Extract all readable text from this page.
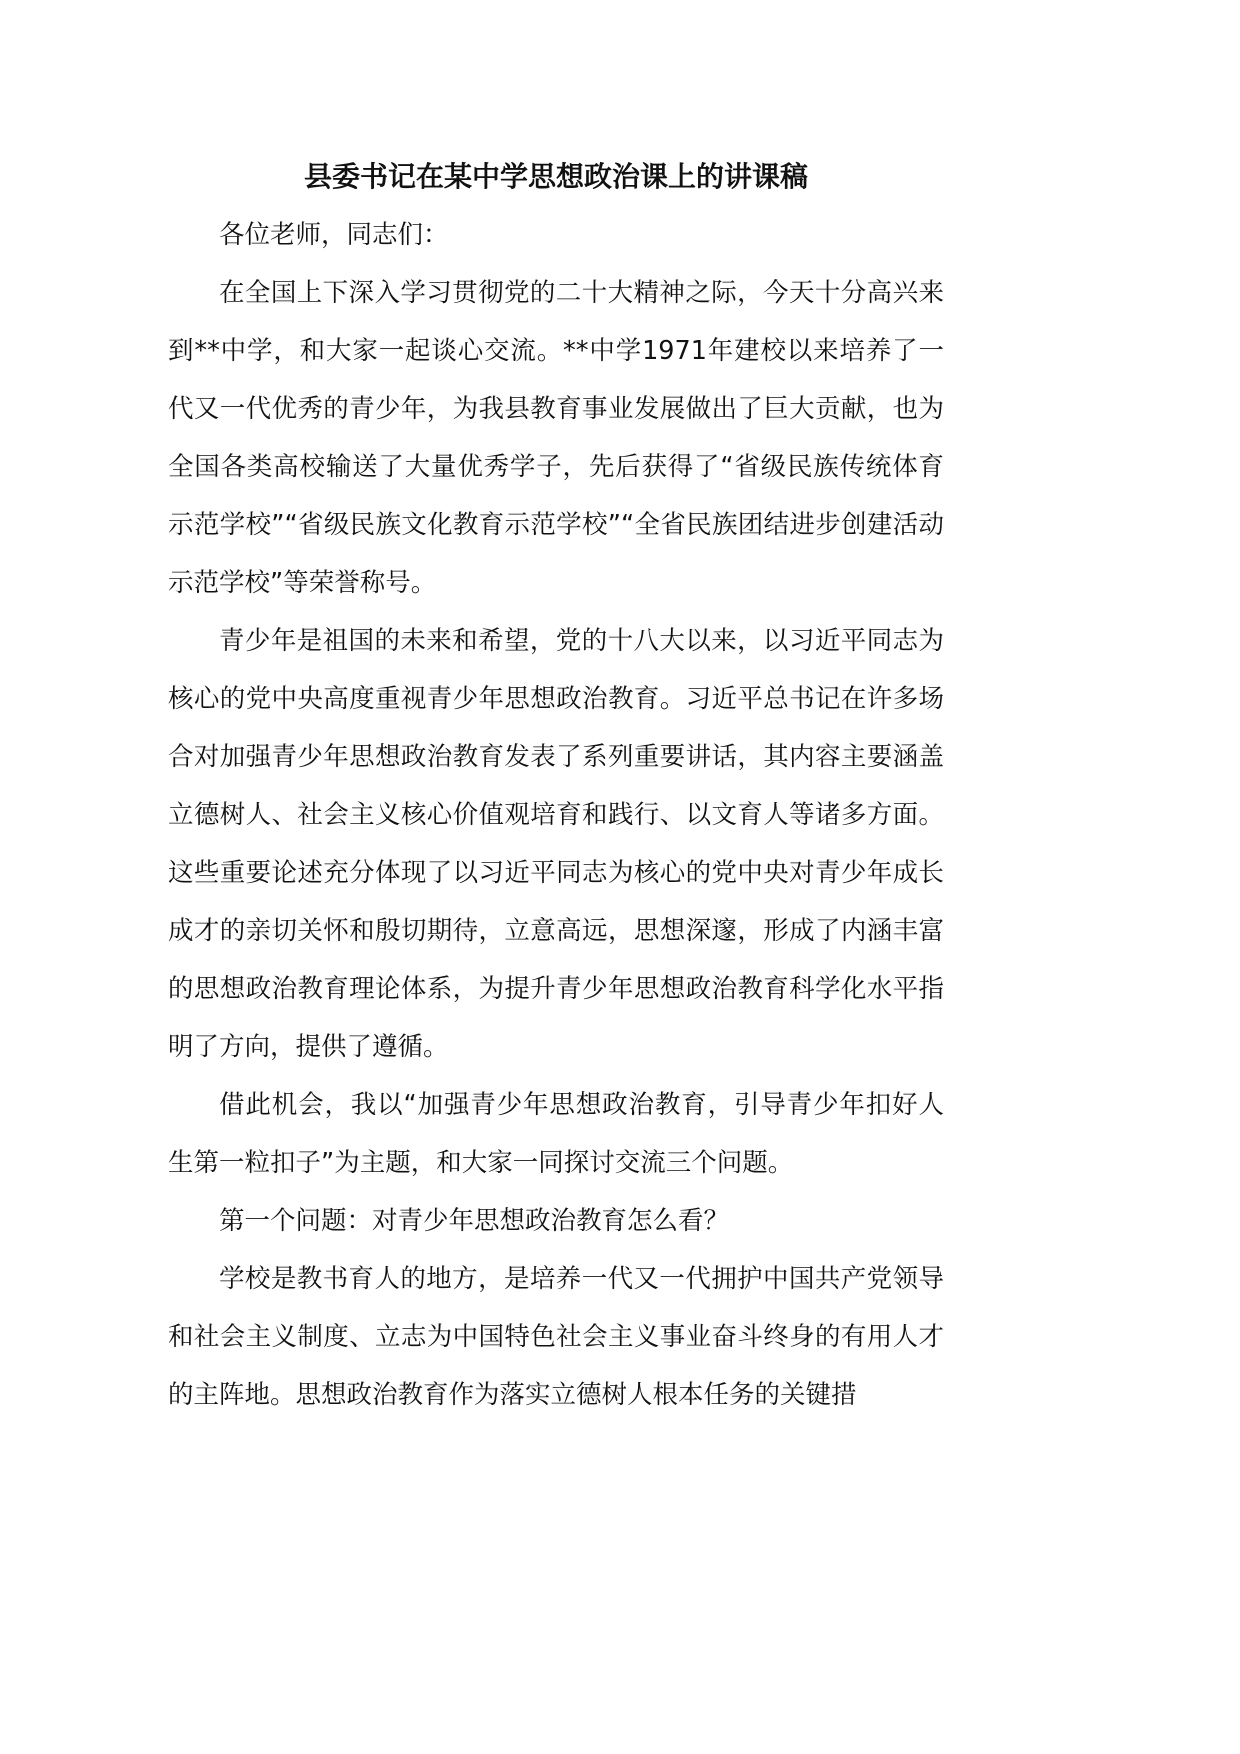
县委书记在某中学思想政治课上的讲课稿

各位老师，同志们：

在全国上下深入学习贯彻党的二十大精神之际，今天十分高兴来到**中学，和大家一起谈心交流。**中学1971年建校以来培养了一代又一代优秀的青少年，为我县教育事业发展做出了巨大贡献，也为全国各类高校输送了大量优秀学子，先后获得了“省级民族传统体育示范学校”“省级民族文化教育示范学校”“全省民族团结进步创建活动示范学校”等荣誉称号。

青少年是祖国的未来和希望，党的十八大以来，以习近平同志为核心的党中央高度重视青少年思想政治教育。习近平总书记在许多场合对加强青少年思想政治教育发表了系列重要讲话，其内容主要涵盖立德树人、社会主义核心价值观培育和践行、以文育人等诸多方面。这些重要论述充分体现了以习近平同志为核心的党中央对青少年成长成才的亲切关怀和殷切期待，立意高远，思想深邃，形成了内涵丰富的思想政治教育理论体系，为提升青少年思想政治教育科学化水平指明了方向，提供了遵循。

借此机会，我以“加强青少年思想政治教育，引导青少年扣好人生第一粒扣子”为主题，和大家一同探讨交流三个问题。

第一个问题：对青少年思想政治教育怎么看？

学校是教书育人的地方，是培养一代又一代拥护中国共产党领导和社会主义制度、立志为中国特色社会主义事业奋斗终身的有用人才的主阵地。思想政治教育作为落实立德树人根本任务的关键措
